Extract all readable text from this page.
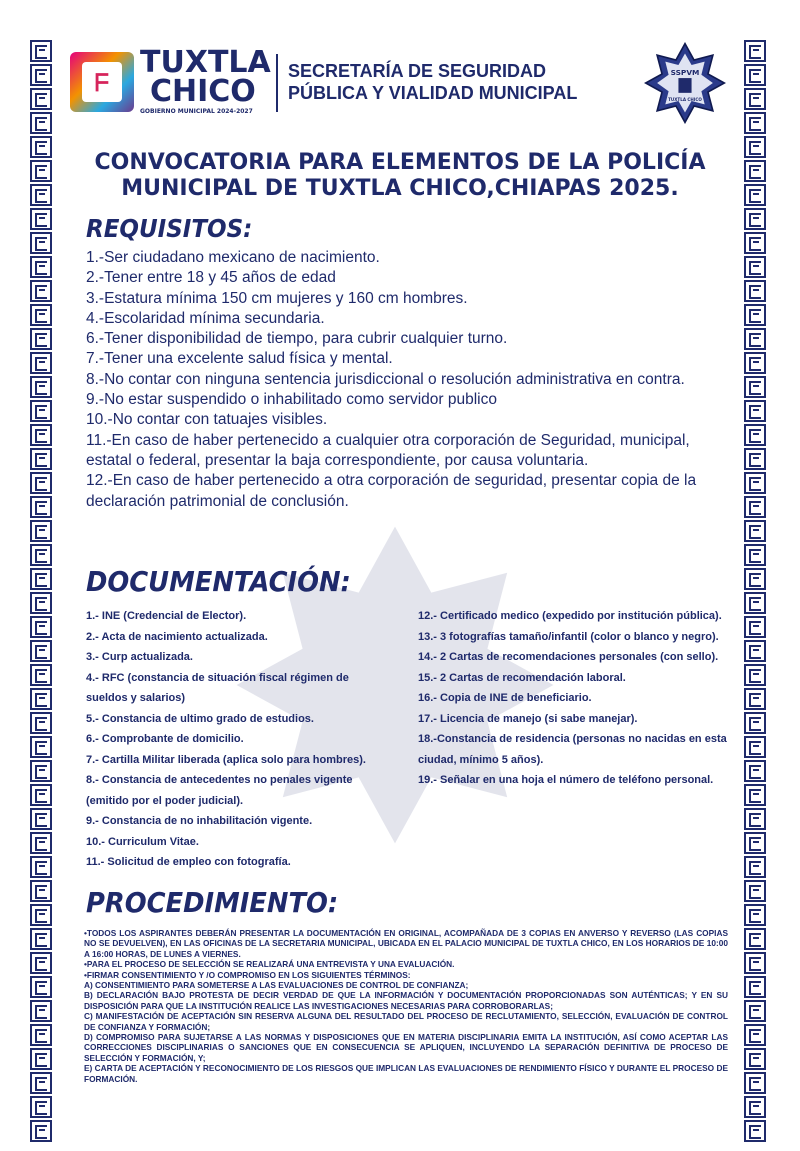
ᖴ
TUXTLA
CHICO
GOBIERNO MUNICIPAL 2024-2027
SECRETARÍA DE SEGURIDAD
PÚBLICA Y VIALIDAD MUNICIPAL
SSPVM
TUXTLA CHICO
CONVOCATORIA PARA ELEMENTOS DE LA POLICÍA
MUNICIPAL DE TUXTLA CHICO,CHIAPAS 2025.
REQUISITOS:
1.-Ser ciudadano mexicano de nacimiento.
2.-Tener entre 18 y 45 años de edad
3.-Estatura mínima 150 cm mujeres y 160 cm hombres.
4.-Escolaridad mínima secundaria.
6.-Tener disponibilidad de tiempo, para cubrir cualquier turno.
7.-Tener una excelente salud física y mental.
8.-No contar con ninguna sentencia jurisdiccional o resolución administrativa en contra.
9.-No estar suspendido o inhabilitado como servidor publico
10.-No contar con tatuajes visibles.
11.-En caso de haber pertenecido a cualquier otra corporación de Seguridad, municipal, estatal o federal, presentar la baja correspondiente, por causa voluntaria.
12.-En caso de haber pertenecido a otra corporación de seguridad, presentar copia de la declaración patrimonial de conclusión.
DOCUMENTACIÓN:
1.- INE (Credencial de Elector).
2.- Acta de nacimiento actualizada.
3.- Curp actualizada.
4.- RFC (constancia de situación fiscal régimen de sueldos y salarios)
5.- Constancia de ultimo grado de estudios.
6.- Comprobante de domicilio.
7.- Cartilla Militar liberada (aplica solo para hombres).
8.- Constancia de antecedentes no penales vigente (emitido por el poder judicial).
9.- Constancia de no inhabilitación vigente.
10.- Curriculum Vitae.
11.- Solicitud de empleo con fotografía.
12.- Certificado medico (expedido por institución pública).
13.- 3 fotografías tamaño/infantil (color o blanco y negro).
14.- 2 Cartas de recomendaciones personales (con sello).
15.- 2 Cartas de recomendación laboral.
16.- Copia de INE de beneficiario.
17.- Licencia de manejo (si sabe manejar).
18.-Constancia de residencia (personas no nacidas en esta ciudad, mínimo 5 años).
19.- Señalar en una hoja el número de teléfono personal.
PROCEDIMIENTO:
•TODOS LOS ASPIRANTES DEBERÁN PRESENTAR LA DOCUMENTACIÓN EN ORIGINAL, ACOMPAÑADA DE 3 COPIAS EN ANVERSO Y REVERSO (LAS COPIAS NO SE DEVUELVEN), EN LAS OFICINAS DE LA SECRETARIA MUNICIPAL, UBICADA EN EL PALACIO MUNICIPAL DE TUXTLA CHICO, EN LOS HORARIOS DE 10:00 A 16:00 HORAS, DE LUNES A VIERNES.
•PARA EL PROCESO DE SELECCIÓN SE REALIZARÁ UNA ENTREVISTA Y UNA EVALUACIÓN.
•FIRMAR CONSENTIMIENTO Y /O COMPROMISO EN LOS SIGUIENTES TÉRMINOS:
A) CONSENTIMIENTO PARA SOMETERSE A LAS EVALUACIONES DE CONTROL DE CONFIANZA;
B) DECLARACIÓN BAJO PROTESTA DE DECIR VERDAD DE QUE LA INFORMACIÓN Y DOCUMENTACIÓN PROPORCIONADAS SON AUTÉNTICAS; Y EN SU DISPOSICIÓN PARA QUE LA INSTITUCIÓN REALICE LAS INVESTIGACIONES NECESARIAS PARA CORROBORARLAS;
C) MANIFESTACIÓN DE ACEPTACIÓN SIN RESERVA ALGUNA DEL RESULTADO DEL PROCESO DE RECLUTAMIENTO, SELECCIÓN, EVALUACIÓN DE CONTROL DE CONFIANZA Y FORMACIÓN;
D) COMPROMISO PARA SUJETARSE A LAS NORMAS Y DISPOSICIONES QUE EN MATERIA DISCIPLINARIA EMITA LA INSTITUCIÓN, ASÍ COMO ACEPTAR LAS CORRECCIONES DISCIPLINARIAS O SANCIONES QUE EN CONSECUENCIA SE APLIQUEN, INCLUYENDO LA SEPARACIÓN DEFINITIVA DE PROCESO DE SELECCIÓN Y FORMACIÓN, Y;
E) CARTA DE ACEPTACIÓN Y RECONOCIMIENTO DE LOS RIESGOS QUE IMPLICAN LAS EVALUACIONES DE RENDIMIENTO FÍSICO Y DURANTE EL PROCESO DE FORMACIÓN.
